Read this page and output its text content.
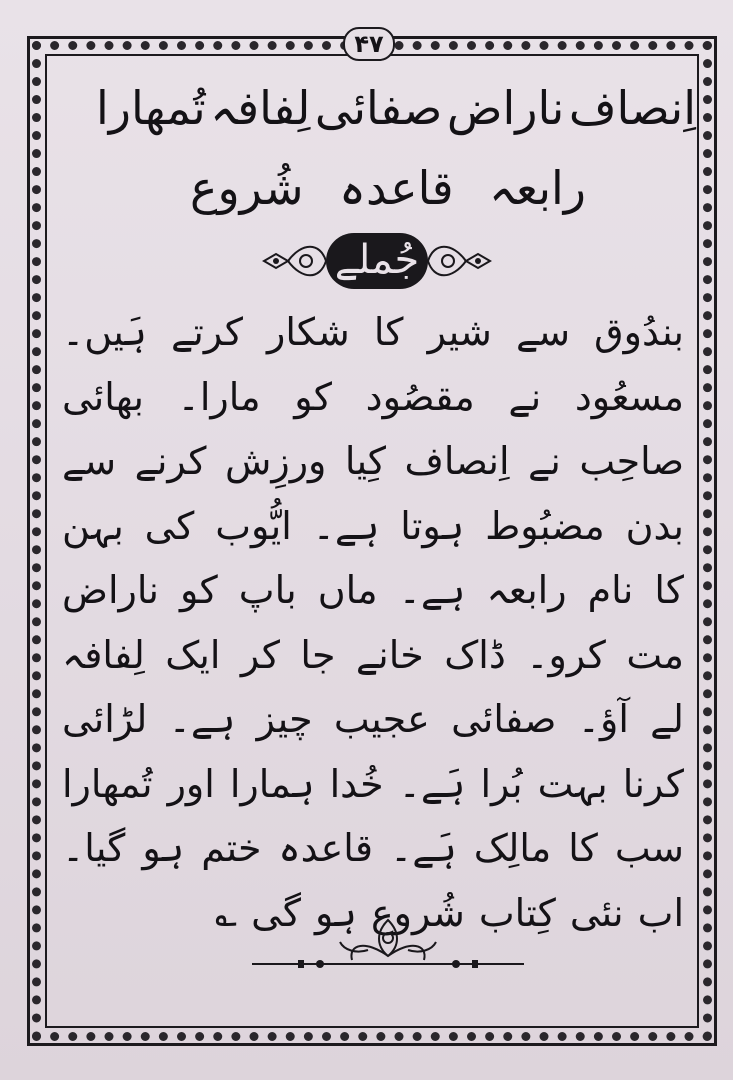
۴۷
اِنصاف
ناراض
صفائی
لِفافہ
تُمھارا
رابعہ
قاعدہ
شُروع
جُملے

بندُوق سے شیر کا شکار کرتے ہَیں۔ مسعُود نے مقصُود کو مارا۔ بھائی صاحِب نے اِنصاف کِیا ورزِش کرنے سے بدن مضبُوط ہوتا ہے۔ ایُّوب کی بہن کا نام رابعہ ہے۔ ماں باپ کو ناراض مت کرو۔ ڈاک خانے جا کر ایک لِفافہ لے آؤ۔ صفائی عجیب چیز ہے۔ لڑائی کرنا بہت بُرا ہَے۔ خُدا ہمارا اور تُمھارا سب کا مالِک ہَے۔ قاعدہ ختم ہو گیا۔ اب نئی کِتاب شُروع ہو گی ؎
